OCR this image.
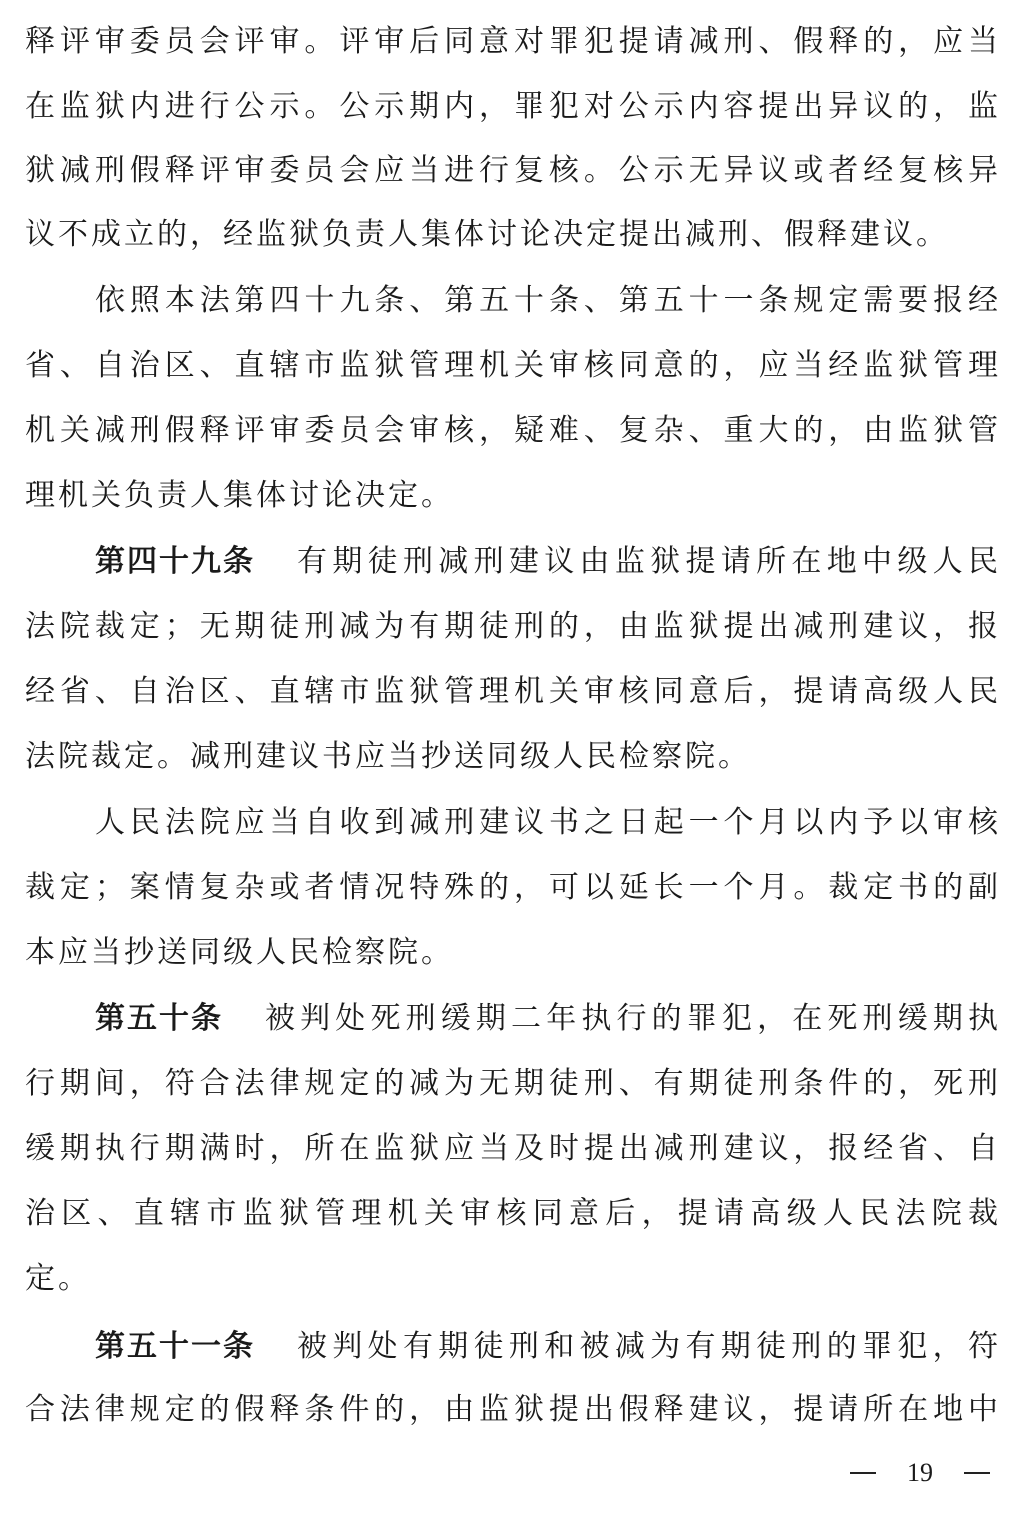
释评审委员会评审。评审后同意对罪犯提请减刑、假释的，应当
在监狱内进行公示。公示期内，罪犯对公示内容提出异议的，监
狱减刑假释评审委员会应当进行复核。公示无异议或者经复核异
议不成立的，经监狱负责人集体讨论决定提出减刑、假释建议。
依照本法第四十九条、第五十条、第五十一条规定需要报经
省、自治区、直辖市监狱管理机关审核同意的，应当经监狱管理
机关减刑假释评审委员会审核，疑难、复杂、重大的，由监狱管
理机关负责人集体讨论决定。
第四十九条 有期徒刑减刑建议由监狱提请所在地中级人民
法院裁定；无期徒刑减为有期徒刑的，由监狱提出减刑建议，报
经省、自治区、直辖市监狱管理机关审核同意后，提请高级人民
法院裁定。减刑建议书应当抄送同级人民检察院。
人民法院应当自收到减刑建议书之日起一个月以内予以审核
裁定；案情复杂或者情况特殊的，可以延长一个月。裁定书的副
本应当抄送同级人民检察院。
第五十条 被判处死刑缓期二年执行的罪犯，在死刑缓期执
行期间，符合法律规定的减为无期徒刑、有期徒刑条件的，死刑
缓期执行期满时，所在监狱应当及时提出减刑建议，报经省、自
治区、直辖市监狱管理机关审核同意后，提请高级人民法院裁
定。
第五十一条 被判处有期徒刑和被减为有期徒刑的罪犯，符
合法律规定的假释条件的，由监狱提出假释建议，提请所在地中
19
